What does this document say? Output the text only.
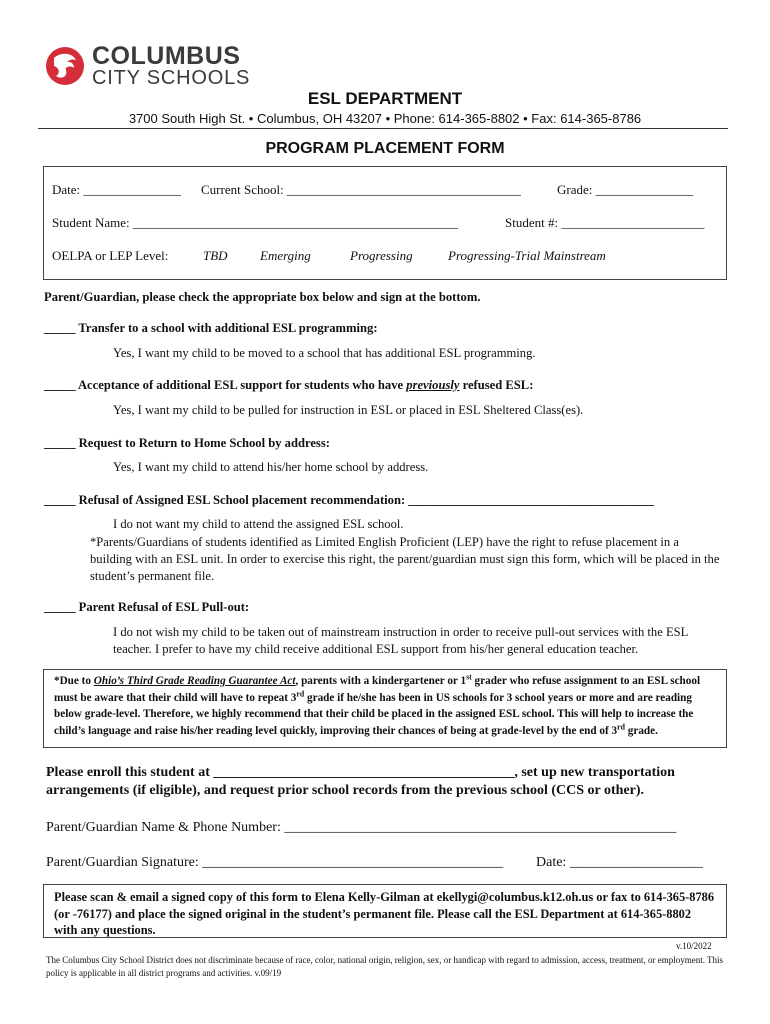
COLUMBUS
CITY SCHOOLS
ESL DEPARTMENT
3700 South High St. • Columbus, OH 43207 • Phone: 614-365-8802 • Fax: 614-365-8786
PROGRAM PLACEMENT FORM
Date: _______________ Current School: ____________________________________	Grade: _______________
Student Name: __________________________________________________	Student #: ______________________
OELPA or LEP Level:	TBD Emerging	Progressing	Progressing-Trial Mainstream
Parent/Guardian, please check the appropriate box below and sign at the bottom.
_____ Transfer to a school with additional ESL programming:
Yes, I want my child to be moved to a school that has additional ESL programming.
_____ Acceptance of additional ESL support for students who have previously refused ESL:
Yes, I want my child to be pulled for instruction in ESL or placed in ESL Sheltered Class(es).
_____ Request to Return to Home School by address:
Yes, I want my child to attend his/her home school by address.
_____ Refusal of Assigned ESL School placement recommendation: _______________________________________
I do not want my child to attend the assigned ESL school.
*Parents/Guardians of students identified as Limited English Proficient (LEP) have the right to refuse placement in a building with an ESL unit. In order to exercise this right, the parent/guardian must sign this form, which will be placed in the student’s permanent file.
_____ Parent Refusal of ESL Pull-out:
I do not wish my child to be taken out of mainstream instruction in order to receive pull-out services with the ESL teacher. I prefer to have my child receive additional ESL support from his/her general education teacher.
*Due to Ohio’s Third Grade Reading Guarantee Act, parents with a kindergartener or 1st grader who refuse assignment to an ESL school must be aware that their child will have to repeat 3rd grade if he/she has been in US schools for 3 school years or more and are reading below grade-level. Therefore, we highly recommend that their child be placed in the assigned ESL school. This will help to increase the child’s language and raise his/her reading level quickly, improving their chances of being at grade-level by the end of 3rd grade.
Please enroll this student at ___________________________________________, set up new transportation arrangements (if eligible), and request prior school records from the previous school (CCS or other).
Parent/Guardian Name & Phone Number: ________________________________________________________
Parent/Guardian Signature: ___________________________________________ Date: ___________________
Please scan & email a signed copy of this form to Elena Kelly-Gilman at ekellygi@columbus.k12.oh.us or fax to 614-365-8786 (or -76177) and place the signed original in the student’s permanent file. Please call the ESL Department at 614-365-8802 with any questions.
v.10/2022
The Columbus City School District does not discriminate because of race, color, national origin, religion, sex, or handicap with regard to admission, access, treatment, or employment. This policy is applicable in all district programs and activities. v.09/19
